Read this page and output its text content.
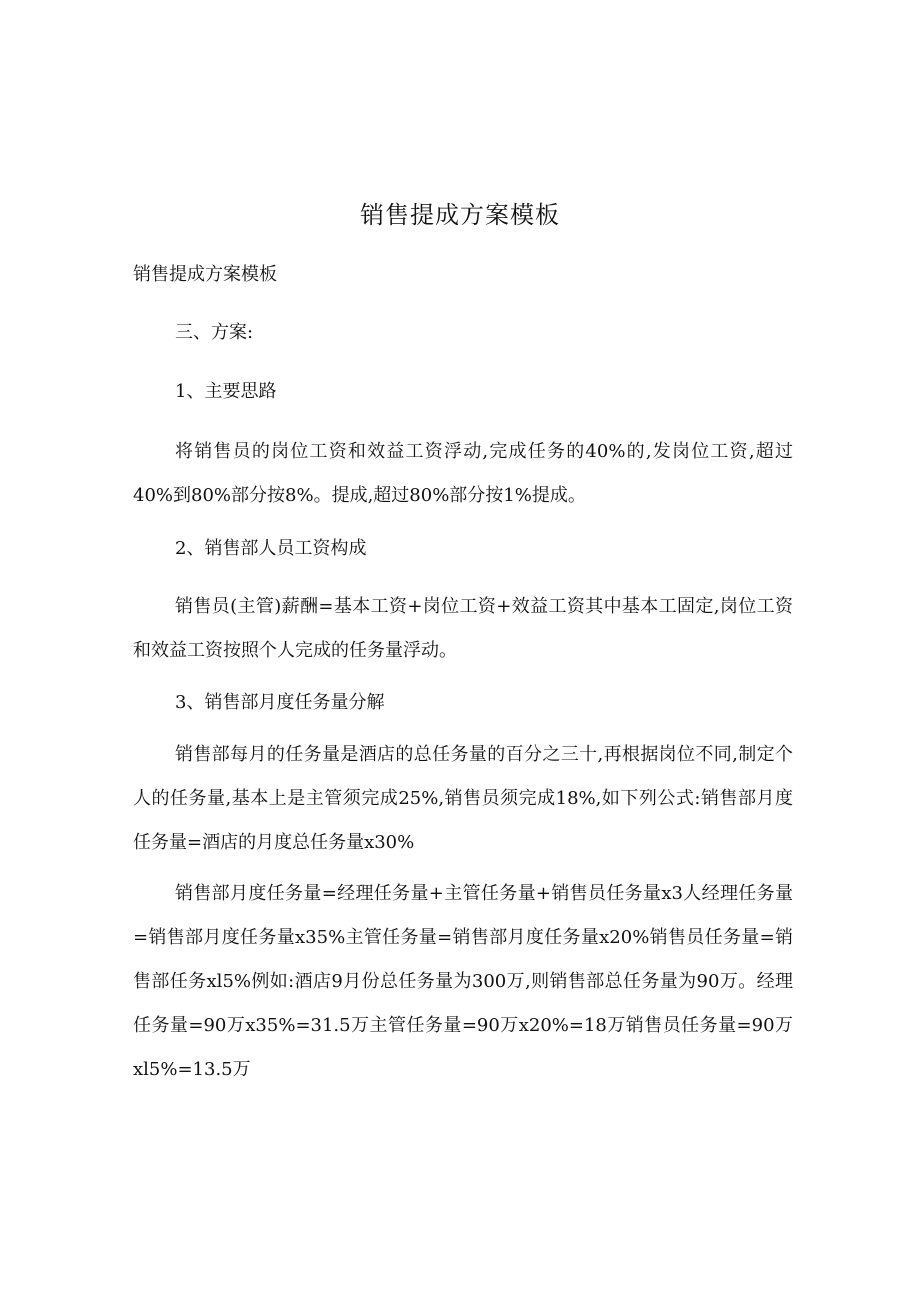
销售提成方案模板

销售提成方案模板

三、方案:

1、主要思路

将销售员的岗位工资和效益工资浮动,完成任务的40%的,发岗位工资,超过40%到80%部分按8%。提成,超过80%部分按1%提成。

2、销售部人员工资构成

销售员(主管)薪酬=基本工资+岗位工资+效益工资其中基本工固定,岗位工资和效益工资按照个人完成的任务量浮动。

3、销售部月度任务量分解

销售部每月的任务量是酒店的总任务量的百分之三十,再根据岗位不同,制定个人的任务量,基本上是主管须完成25%,销售员须完成18%,如下列公式:销售部月度任务量=酒店的月度总任务量x30%

销售部月度任务量=经理任务量+主管任务量+销售员任务量x3人经理任务量=销售部月度任务量x35%主管任务量=销售部月度任务量x20%销售员任务量=销售部任务xl5%例如:酒店9月份总任务量为300万,则销售部总任务量为90万。经理任务量=90万x35%=31.5万主管任务量=90万x20%=18万销售员任务量=90万xl5%=13.5万
